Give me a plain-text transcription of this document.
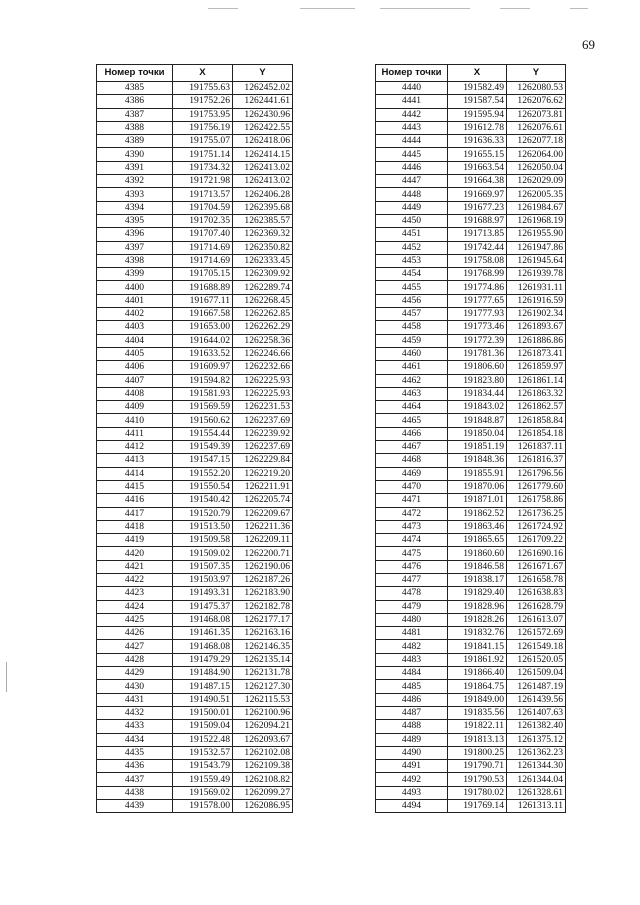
69
Номер точки	X	Y
4385	191755.63	1262452.02
4386	191752.26	1262441.61
4387	191753.95	1262430.96
4388	191756.19	1262422.55
4389	191755.07	1262418.06
4390	191751.14	1262414.15
4391	191734.32	1262413.02
4392	191721.98	1262413.02
4393	191713.57	1262406.28
4394	191704.59	1262395.68
4395	191702.35	1262385.57
4396	191707.40	1262369.32
4397	191714.69	1262350.82
4398	191714.69	1262333.45
4399	191705.15	1262309.92
4400	191688.89	1262289.74
4401	191677.11	1262268.45
4402	191667.58	1262262.85
4403	191653.00	1262262.29
4404	191644.02	1262258.36
4405	191633.52	1262246.66
4406	191609.97	1262232.66
4407	191594.82	1262225.93
4408	191581.93	1262225.93
4409	191569.59	1262231.53
4410	191560.62	1262237.69
4411	191554.44	1262239.92
4412	191549.39	1262237.69
4413	191547.15	1262229.84
4414	191552.20	1262219.20
4415	191550.54	1262211.91
4416	191540.42	1262205.74
4417	191520.79	1262209.67
4418	191513.50	1262211.36
4419	191509.58	1262209.11
4420	191509.02	1262200.71
4421	191507.35	1262190.06
4422	191503.97	1262187.26
4423	191493.31	1262183.90
4424	191475.37	1262182.78
4425	191468.08	1262177.17
4426	191461.35	1262163.16
4427	191468.08	1262146.35
4428	191479.29	1262135.14
4429	191484.90	1262131.78
4430	191487.15	1262127.30
4431	191490.51	1262115.53
4432	191500.01	1262100.96
4433	191509.04	1262094.21
4434	191522.48	1262093.67
4435	191532.57	1262102.08
4436	191543.79	1262109.38
4437	191559.49	1262108.82
4438	191569.02	1262099.27
4439	191578.00	1262086.95
Номер точки	X	Y
4440	191582.49	1262080.53
4441	191587.54	1262076.62
4442	191595.94	1262073.81
4443	191612.78	1262076.61
4444	191636.33	1262077.18
4445	191655.15	1262064.00
4446	191663.54	1262050.04
4447	191664.38	1262029.09
4448	191669.97	1262005.35
4449	191677.23	1261984.67
4450	191688.97	1261968.19
4451	191713.85	1261955.90
4452	191742.44	1261947.86
4453	191758.08	1261945.64
4454	191768.99	1261939.78
4455	191774.86	1261931.11
4456	191777.65	1261916.59
4457	191777.93	1261902.34
4458	191773.46	1261893.67
4459	191772.39	1261886.86
4460	191781.36	1261873.41
4461	191806.60	1261859.97
4462	191823.80	1261861.14
4463	191834.44	1261863.32
4464	191843.02	1261862.57
4465	191848.87	1261858.84
4466	191850.04	1261854.18
4467	191851.19	1261837.11
4468	191848.36	1261816.37
4469	191855.91	1261796.56
4470	191870.06	1261779.60
4471	191871.01	1261758.86
4472	191862.52	1261736.25
4473	191863.46	1261724.92
4474	191865.65	1261709.22
4475	191860.60	1261690.16
4476	191846.58	1261671.67
4477	191838.17	1261658.78
4478	191829.40	1261638.83
4479	191828.96	1261628.79
4480	191828.26	1261613.07
4481	191832.76	1261572.69
4482	191841.15	1261549.18
4483	191861.92	1261520.05
4484	191866.40	1261509.04
4485	191864.75	1261487.19
4486	191849.00	1261439.56
4487	191835.56	1261407.63
4488	191822.11	1261382.40
4489	191813.13	1261375.12
4490	191800.25	1261362.23
4491	191790.71	1261344.30
4492	191790.53	1261344.04
4493	191780.02	1261328.61
4494	191769.14	1261313.11
